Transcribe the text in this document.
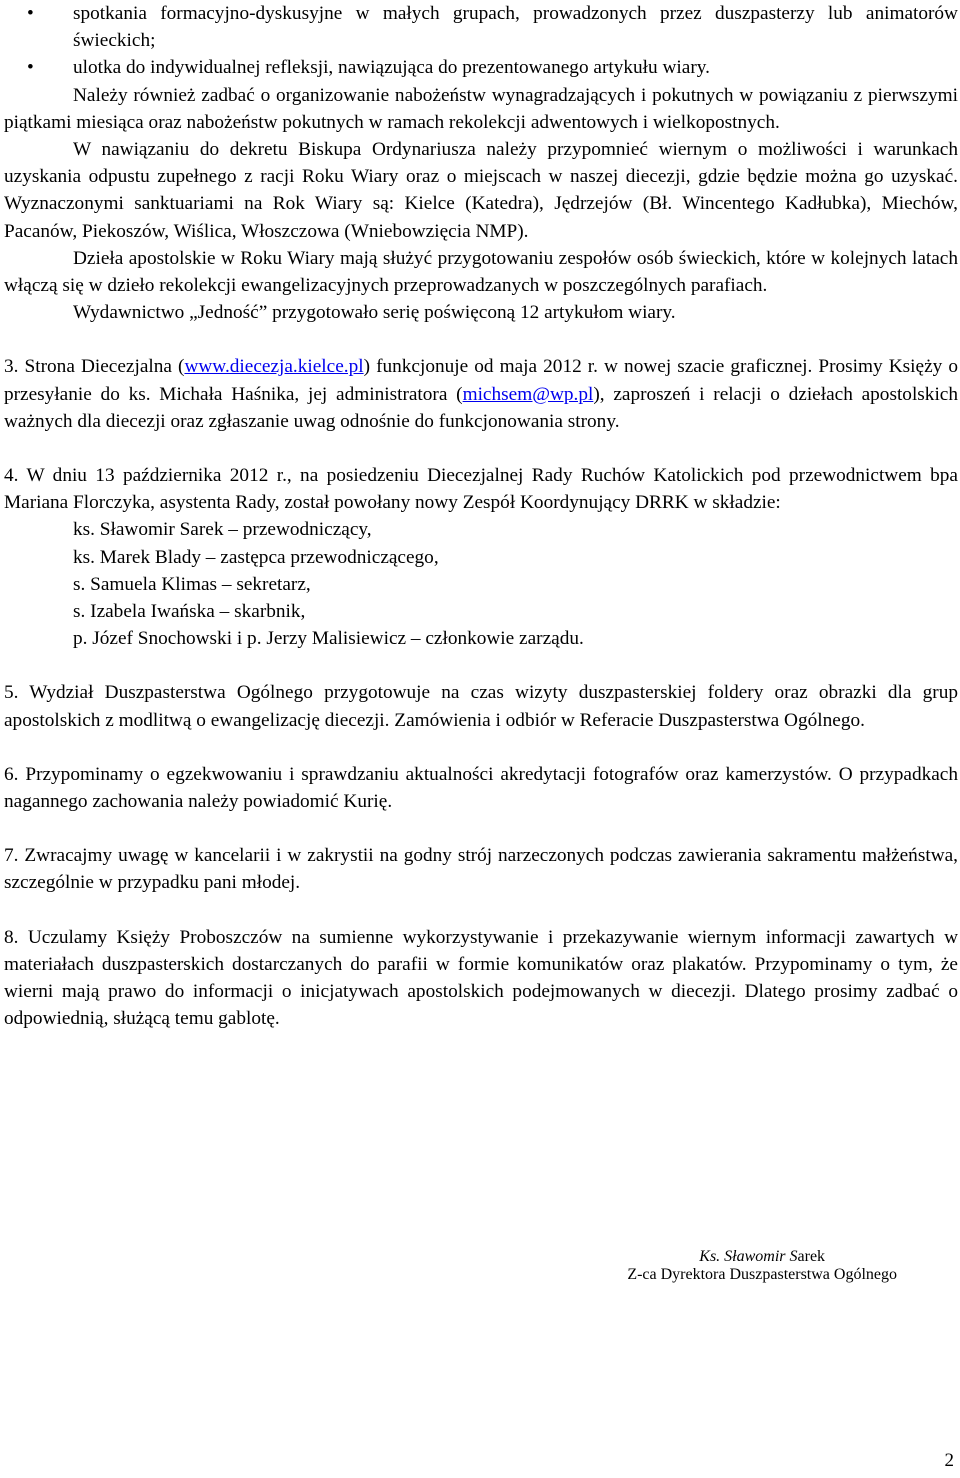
• spotkania formacyjno-dyskusyjne w małych grupach, prowadzonych przez duszpasterzy lub animatorów świeckich;
• ulotka do indywidualnej refleksji, nawiązująca do prezentowanego artykułu wiary.

Należy również zadbać o organizowanie nabożeństw wynagradzających i pokutnych w powiązaniu z pierwszymi piątkami miesiąca oraz nabożeństw pokutnych w ramach rekolekcji adwentowych i wielkopostnych.

W nawiązaniu do dekretu Biskupa Ordynariusza należy przypomnieć wiernym o możliwości i warunkach uzyskania odpustu zupełnego z racji Roku Wiary oraz o miejscach w naszej diecezji, gdzie będzie można go uzyskać. Wyznaczonymi sanktuariami na Rok Wiary są: Kielce (Katedra), Jędrzejów (Bł. Wincentego Kadłubka), Miechów, Pacanów, Piekoszów, Wiślica, Włoszczowa (Wniebowzięcia NMP).

Dzieła apostolskie w Roku Wiary mają służyć przygotowaniu zespołów osób świeckich, które w kolejnych latach włączą się w dzieło rekolekcji ewangelizacyjnych przeprowadzanych w poszczególnych parafiach.

Wydawnictwo „Jedność” przygotowało serię poświęconą 12 artykułom wiary.

3. Strona Diecezjalna (www.diecezja.kielce.pl) funkcjonuje od maja 2012 r. w nowej szacie graficznej. Prosimy Księży o przesyłanie do ks. Michała Haśnika, jej administratora (michsem@wp.pl), zaproszeń i relacji o dziełach apostolskich ważnych dla diecezji oraz zgłaszanie uwag odnośnie do funkcjonowania strony.

4. W dniu 13 października 2012 r., na posiedzeniu Diecezjalnej Rady Ruchów Katolickich pod przewodnictwem bpa Mariana Florczyka, asystenta Rady, został powołany nowy Zespół Koordynujący DRRK w składzie:

ks. Sławomir Sarek – przewodniczący,
ks. Marek Blady – zastępca przewodniczącego,
s. Samuela Klimas – sekretarz,
s. Izabela Iwańska – skarbnik,
p. Józef Snochowski i p. Jerzy Malisiewicz – członkowie zarządu.

5. Wydział Duszpasterstwa Ogólnego przygotowuje na czas wizyty duszpasterskiej foldery oraz obrazki dla grup apostolskich z modlitwą o ewangelizację diecezji. Zamówienia i odbiór w Referacie Duszpasterstwa Ogólnego.

6. Przypominamy o egzekwowaniu i sprawdzaniu aktualności akredytacji fotografów oraz kamerzystów. O przypadkach nagannego zachowania należy powiadomić Kurię.

7. Zwracajmy uwagę w kancelarii i w zakrystii na godny strój narzeczonych podczas zawierania sakramentu małżeństwa, szczególnie w przypadku pani młodej.

8. Uczulamy Księży Proboszczów na sumienne wykorzystywanie i przekazywanie wiernym informacji zawartych w materiałach duszpasterskich dostarczanych do parafii w formie komunikatów oraz plakatów. Przypominamy o tym, że wierni mają prawo do informacji o inicjatywach apostolskich podejmowanych w diecezji. Dlatego prosimy zadbać o odpowiednią, służącą temu gablotę.

Ks. Sławomir Sarek
Z-ca Dyrektora Duszpasterstwa Ogólnego
2
